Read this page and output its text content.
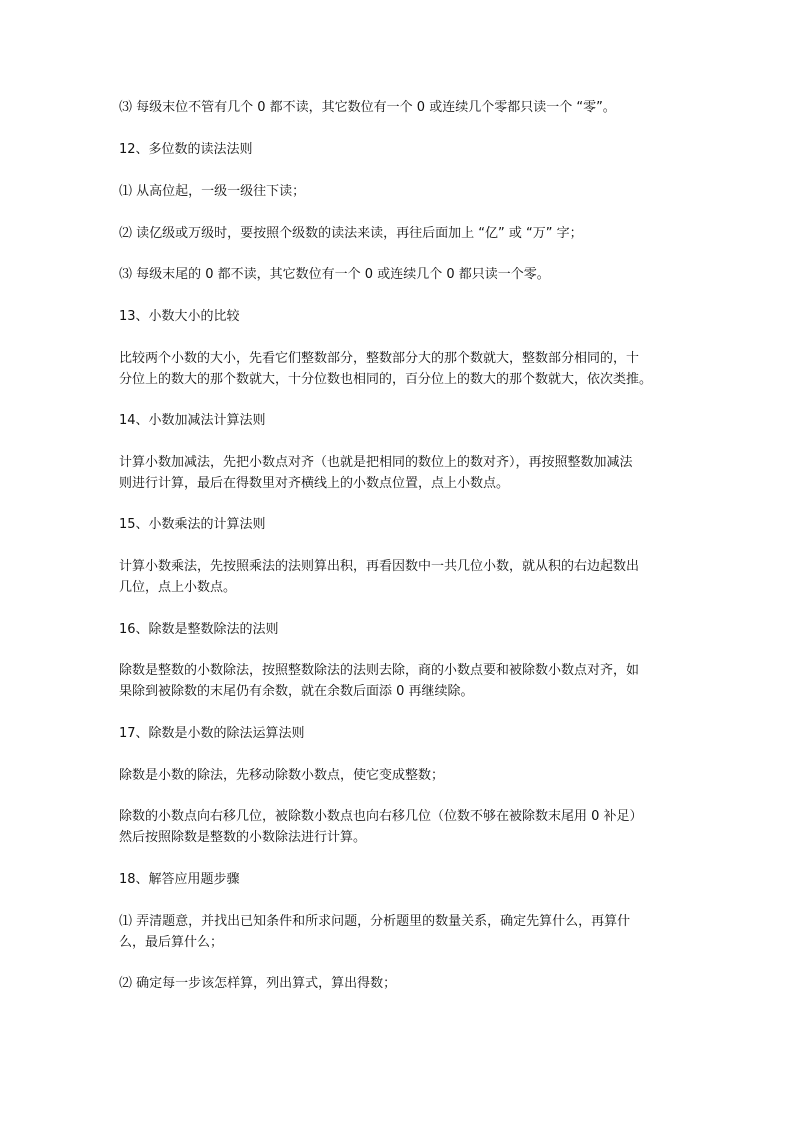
⑶ 每级末位不管有几个 0 都不读，其它数位有一个 0 或连续几个零都只读一个 “零”。
12、多位数的读法法则
⑴ 从高位起，一级一级往下读；
⑵ 读亿级或万级时，要按照个级数的读法来读，再往后面加上 “亿” 或 “万” 字；
⑶ 每级末尾的 0 都不读，其它数位有一个 0 或连续几个 0 都只读一个零。
13、小数大小的比较
比较两个小数的大小，先看它们整数部分，整数部分大的那个数就大，整数部分相同的，十
分位上的数大的那个数就大，十分位数也相同的，百分位上的数大的那个数就大，依次类推。
14、小数加减法计算法则
计算小数加减法，先把小数点对齐（也就是把相同的数位上的数对齐），再按照整数加减法
则进行计算，最后在得数里对齐横线上的小数点位置，点上小数点。
15、小数乘法的计算法则
计算小数乘法，先按照乘法的法则算出积，再看因数中一共几位小数，就从积的右边起数出
几位，点上小数点。
16、除数是整数除法的法则
除数是整数的小数除法，按照整数除法的法则去除，商的小数点要和被除数小数点对齐，如
果除到被除数的末尾仍有余数，就在余数后面添 0 再继续除。
17、除数是小数的除法运算法则
除数是小数的除法，先移动除数小数点，使它变成整数；
除数的小数点向右移几位，被除数小数点也向右移几位（位数不够在被除数末尾用 0 补足）
然后按照除数是整数的小数除法进行计算。
18、解答应用题步骤
⑴ 弄清题意，并找出已知条件和所求问题，分析题里的数量关系，确定先算什么，再算什
么，最后算什么；
⑵ 确定每一步该怎样算，列出算式，算出得数；
